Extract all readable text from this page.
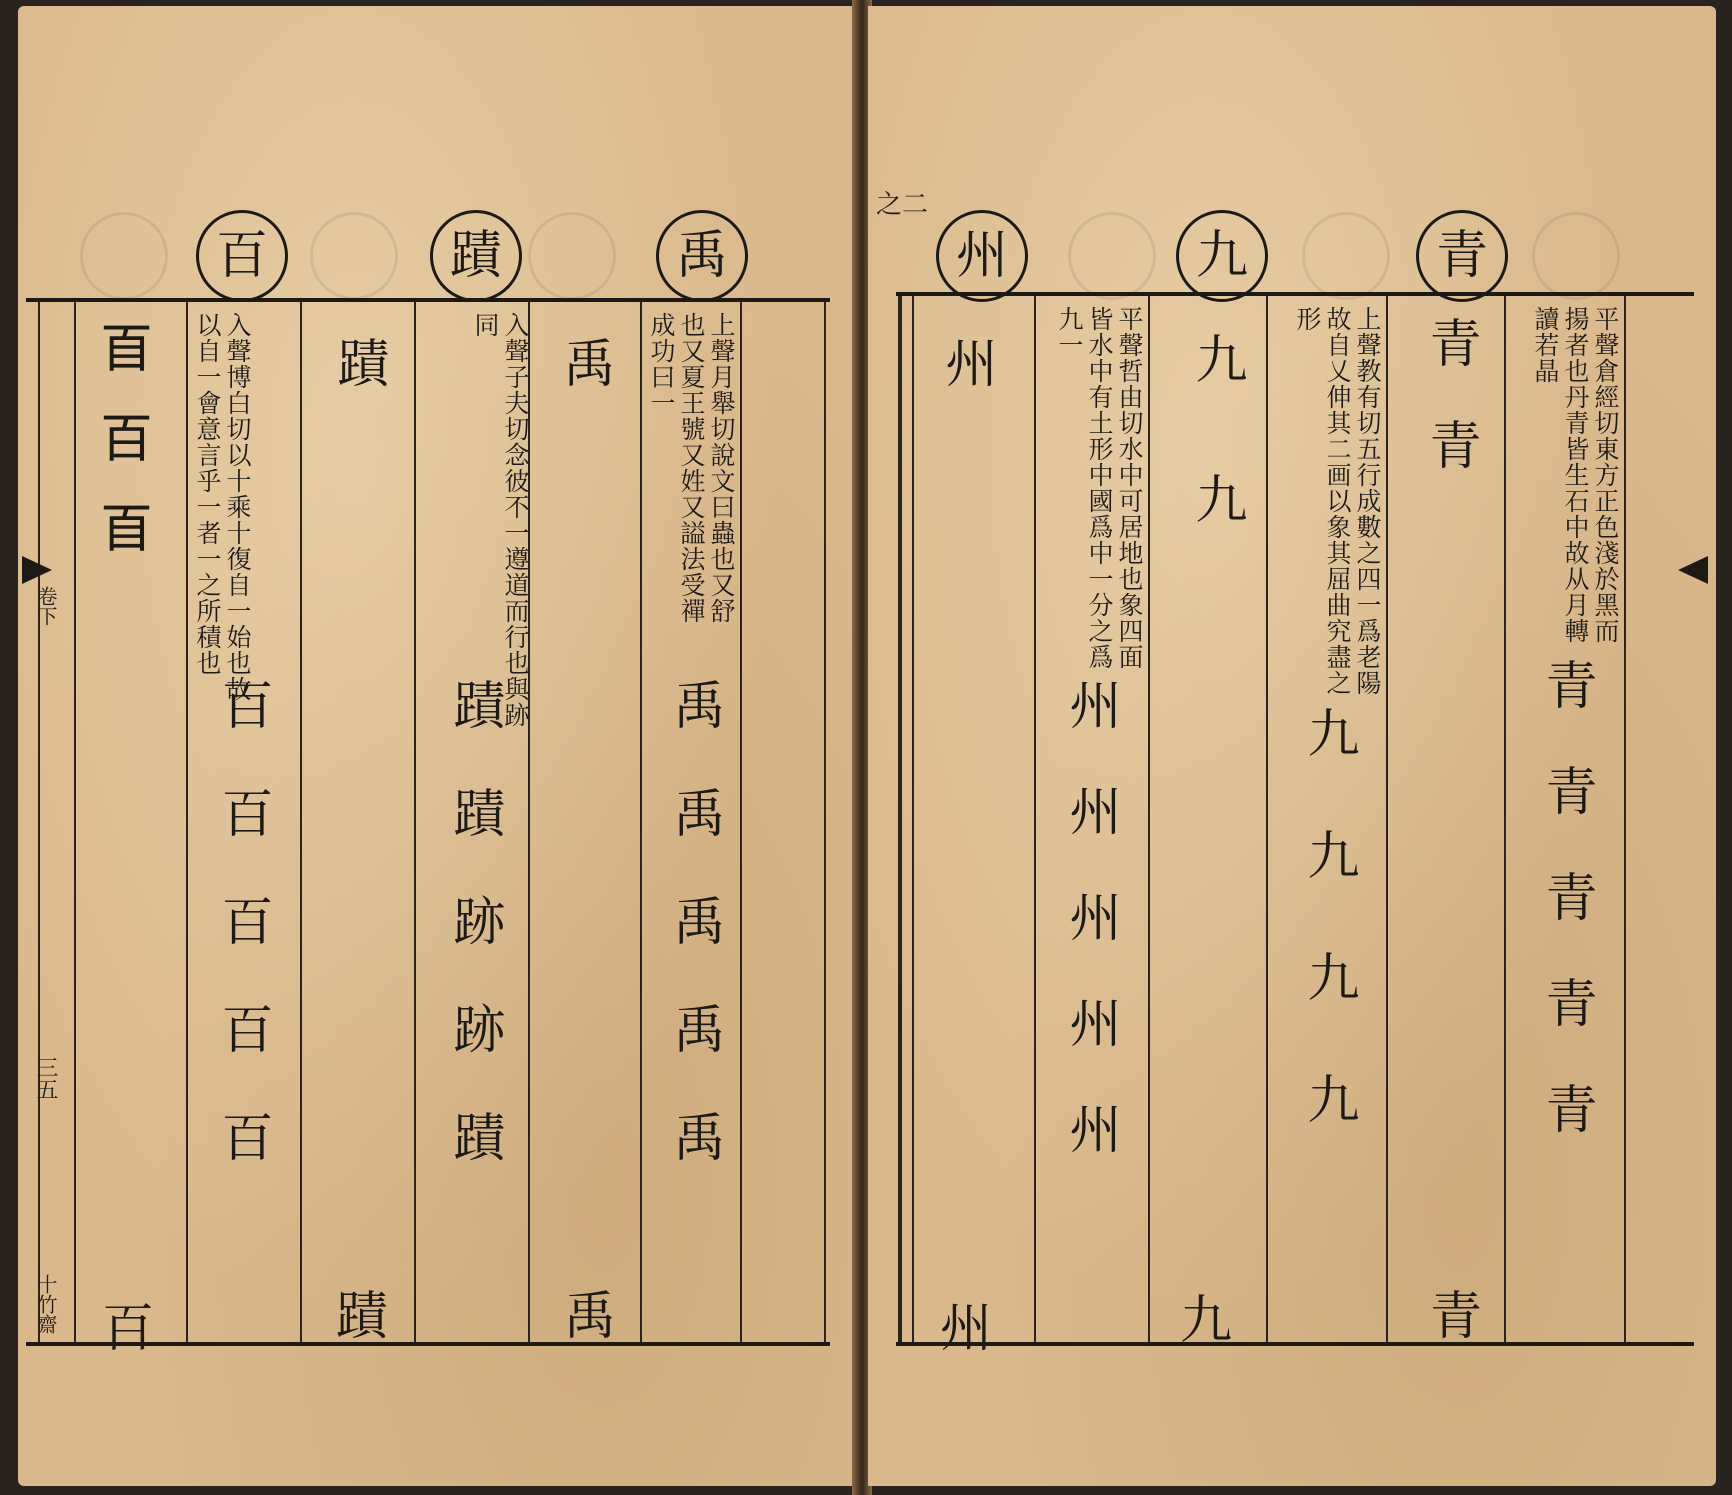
百	蹟	禹
𦣻百𦣻	入聲博白切以十乘十復自一始也故以自一會意言乎一者一之所積也
百百百百百
蹟	入聲子夫切念彼不一遵道而行也與跡同
蹟蹟跡跡蹟
禹	上聲月舉切說文曰蟲也又舒也又夏王號又姓又謚法受禪成功曰一
禹禹禹禹禹
百	蹟	禹
卷下
三五
十竹齋
之二
州	九	青
州	平聲哲由切水中可居地也象四面皆水中有土形中國爲中一分之爲九一
州州州州州
九
九	上聲教有切五行成數之四一爲老陽故自乂伸其二画以象其屈曲究盡之形
九九九九
青青	平聲倉經切東方正色淺於黑而揚者也丹青皆生石中故从月轉讀若晶
青青青青青
州	九	青
